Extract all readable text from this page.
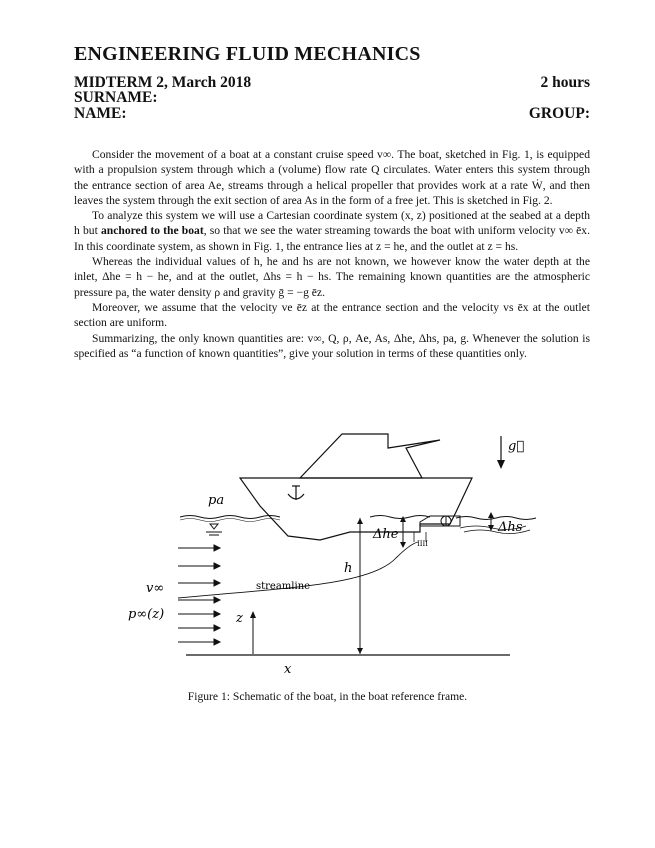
ENGINEERING FLUID MECHANICS
MIDTERM 2, March 2018	2 hours
SURNAME:
NAME:	GROUP:

Consider the movement of a boat at a constant cruise speed v∞. The boat, sketched in Fig. 1, is equipped with a propulsion system through which a (volume) flow rate Q circulates. Water enters this system through the entrance section of area Ae, streams through a helical propeller that provides work at a rate Ẇ, and then leaves the system through the exit section of area As in the form of a free jet. This is sketched in Fig. 2.

To analyze this system we will use a Cartesian coordinate system (x, z) positioned at the seabed at a depth h but anchored to the boat, so that we see the water streaming towards the boat with uniform velocity v∞ ēx. In this coordinate system, as shown in Fig. 1, the entrance lies at z = he, and the outlet at z = hs.

Whereas the individual values of h, he and hs are not known, we however know the water depth at the inlet, Δhe = h − he, and at the outlet, Δhs = h − hs. The remaining known quantities are the atmospheric pressure pa, the water density ρ and gravity ḡ = −g ēz.

Moreover, we assume that the velocity ve ēz at the entrance section and the velocity vs ēx at the outlet section are uniform.

Summarizing, the only known quantities are: v∞, Q, ρ, Ae, As, Δhe, Δhs, pa, g. Whenever the solution is specified as “a function of known quantities”, give your solution in terms of these quantities only.

g⃗
pa
IIII
Δhe	Δhs
h
v∞
p∞(z)
streamline
z
x
Figure 1: Schematic of the boat, in the boat reference frame.
